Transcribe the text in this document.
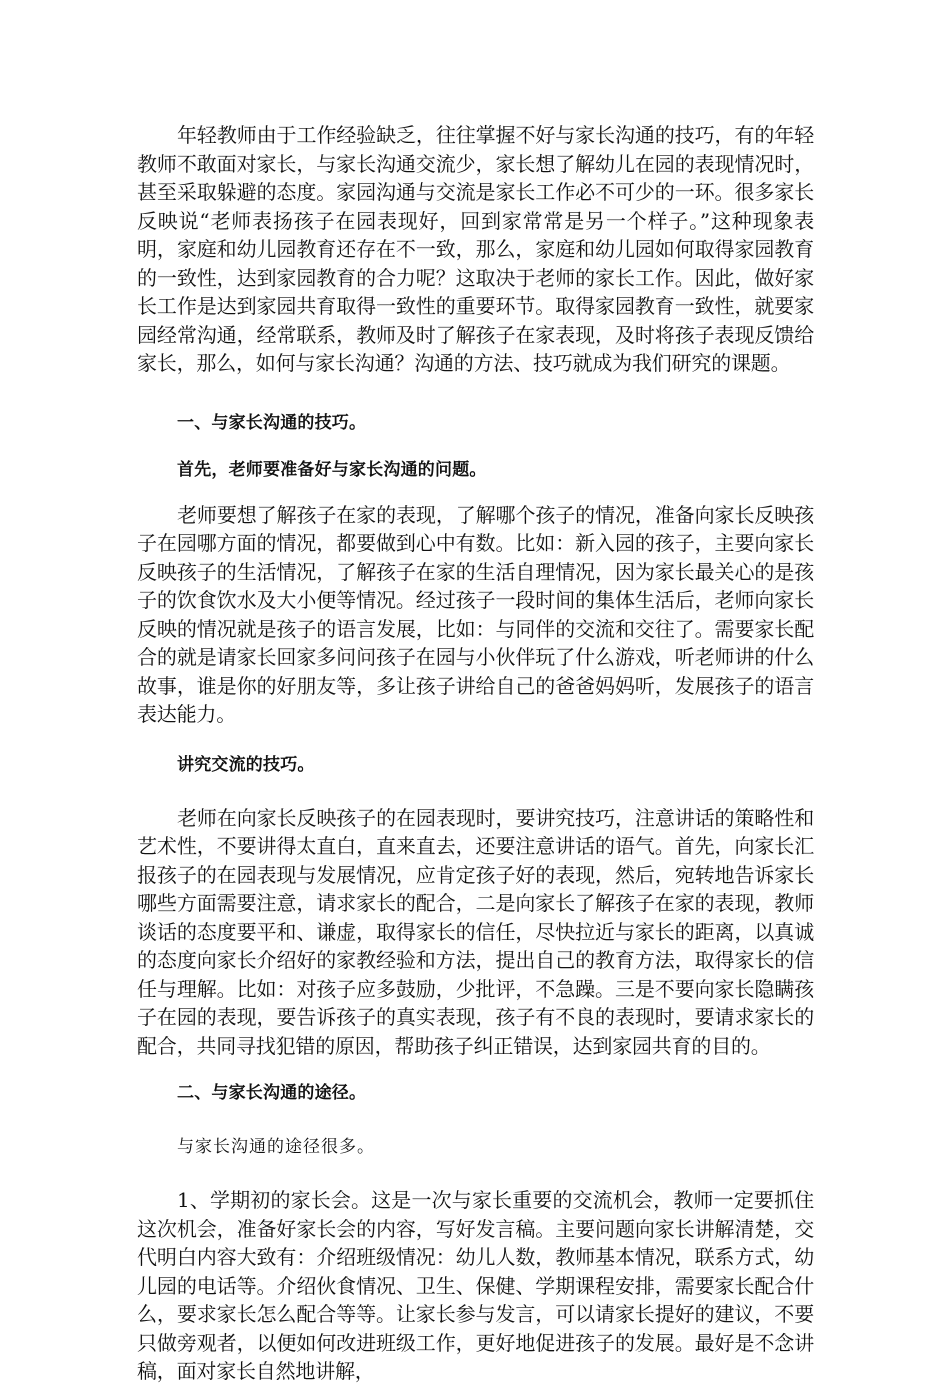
年轻教师由于工作经验缺乏，往往掌握不好与家长沟通的技巧，有的年轻教师不敢面对家长，与家长沟通交流少，家长想了解幼儿在园的表现情况时，甚至采取躲避的态度。家园沟通与交流是家长工作必不可少的一环。很多家长反映说“老师表扬孩子在园表现好，回到家常常是另一个样子。”这种现象表明，家庭和幼儿园教育还存在不一致，那么，家庭和幼儿园如何取得家园教育的一致性，达到家园教育的合力呢？这取决于老师的家长工作。因此，做好家长工作是达到家园共育取得一致性的重要环节。取得家园教育一致性，就要家园经常沟通，经常联系，教师及时了解孩子在家表现，及时将孩子表现反馈给家长，那么，如何与家长沟通？沟通的方法、技巧就成为我们研究的课题。

一、与家长沟通的技巧。

首先，老师要准备好与家长沟通的问题。

老师要想了解孩子在家的表现，了解哪个孩子的情况，准备向家长反映孩子在园哪方面的情况，都要做到心中有数。比如：新入园的孩子，主要向家长反映孩子的生活情况，了解孩子在家的生活自理情况，因为家长最关心的是孩子的饮食饮水及大小便等情况。经过孩子一段时间的集体生活后，老师向家长反映的情况就是孩子的语言发展，比如：与同伴的交流和交往了。需要家长配合的就是请家长回家多问问孩子在园与小伙伴玩了什么游戏，听老师讲的什么故事，谁是你的好朋友等，多让孩子讲给自己的爸爸妈妈听，发展孩子的语言表达能力。

讲究交流的技巧。

老师在向家长反映孩子的在园表现时，要讲究技巧，注意讲话的策略性和艺术性，不要讲得太直白，直来直去，还要注意讲话的语气。首先，向家长汇报孩子的在园表现与发展情况，应肯定孩子好的表现，然后，宛转地告诉家长哪些方面需要注意，请求家长的配合，二是向家长了解孩子在家的表现，教师谈话的态度要平和、谦虚，取得家长的信任，尽快拉近与家长的距离，以真诚的态度向家长介绍好的家教经验和方法，提出自己的教育方法，取得家长的信任与理解。比如：对孩子应多鼓励，少批评，不急躁。三是不要向家长隐瞒孩子在园的表现，要告诉孩子的真实表现，孩子有不良的表现时，要请求家长的配合，共同寻找犯错的原因，帮助孩子纠正错误，达到家园共育的目的。

二、与家长沟通的途径。

与家长沟通的途径很多。

1、学期初的家长会。这是一次与家长重要的交流机会，教师一定要抓住这次机会，准备好家长会的内容，写好发言稿。主要问题向家长讲解清楚，交代明白内容大致有：介绍班级情况：幼儿人数，教师基本情况，联系方式，幼儿园的电话等。介绍伙食情况、卫生、保健、学期课程安排，需要家长配合什么，要求家长怎么配合等等。让家长参与发言，可以请家长提好的建议，不要只做旁观者，以便如何改进班级工作，更好地促进孩子的发展。最好是不念讲稿，面对家长自然地讲解，
